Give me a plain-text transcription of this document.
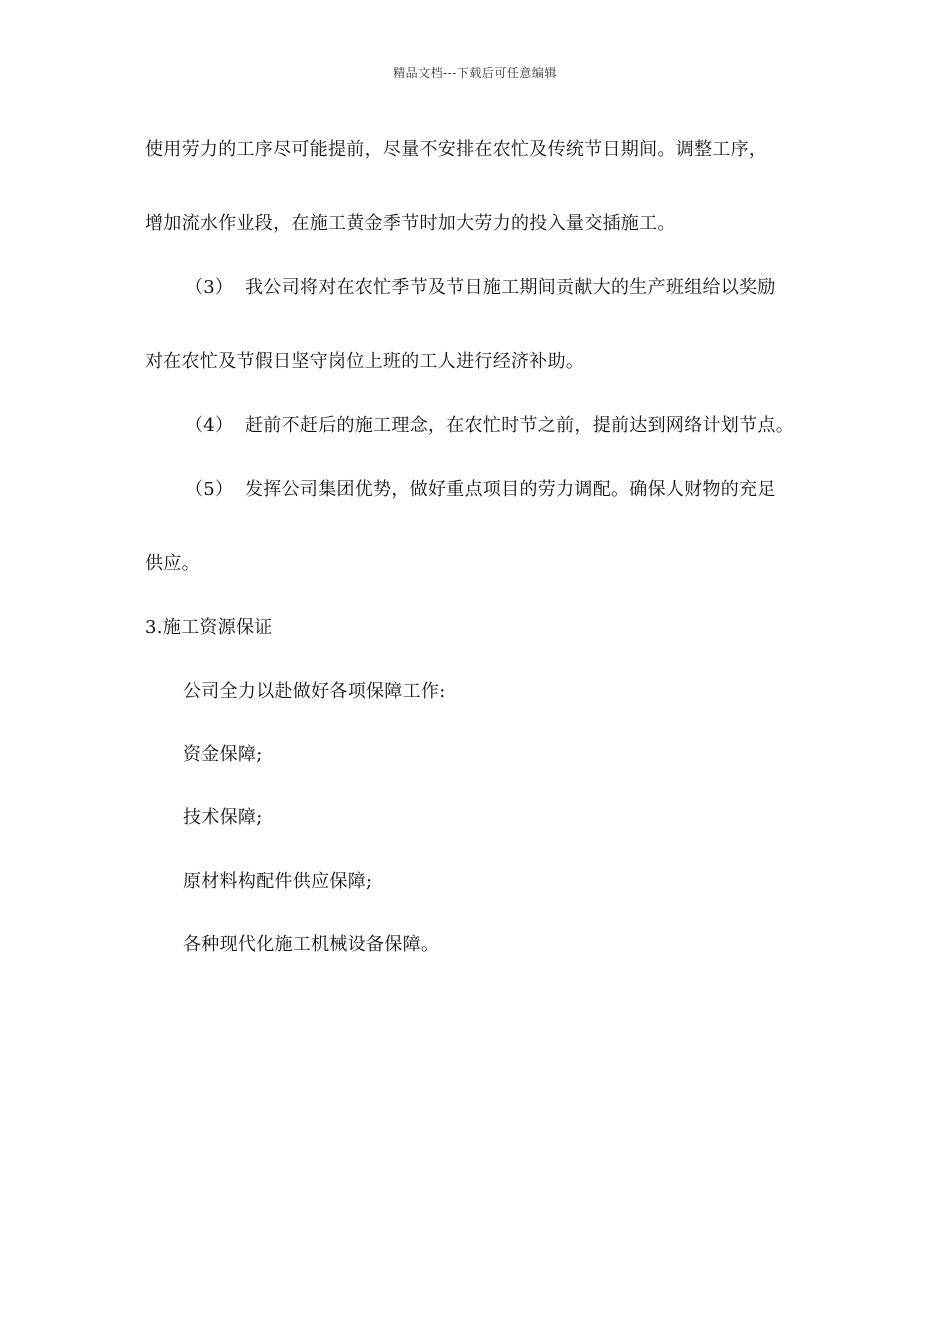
精品文档---下载后可任意编辑
使用劳力的工序尽可能提前，尽量不安排在农忙及传统节日期间。调整工序，
增加流水作业段，在施工黄金季节时加大劳力的投入量交插施工。
（3） 我公司将对在农忙季节及节日施工期间贡献大的生产班组给以奖励
对在农忙及节假日坚守岗位上班的工人进行经济补助。
（4） 赶前不赶后的施工理念，在农忙时节之前，提前达到网络计划节点。
（5） 发挥公司集团优势，做好重点项目的劳力调配。确保人财物的充足
供应。
3.施工资源保证
公司全力以赴做好各项保障工作:
资金保障;
技术保障;
原材料构配件供应保障;
各种现代化施工机械设备保障。
